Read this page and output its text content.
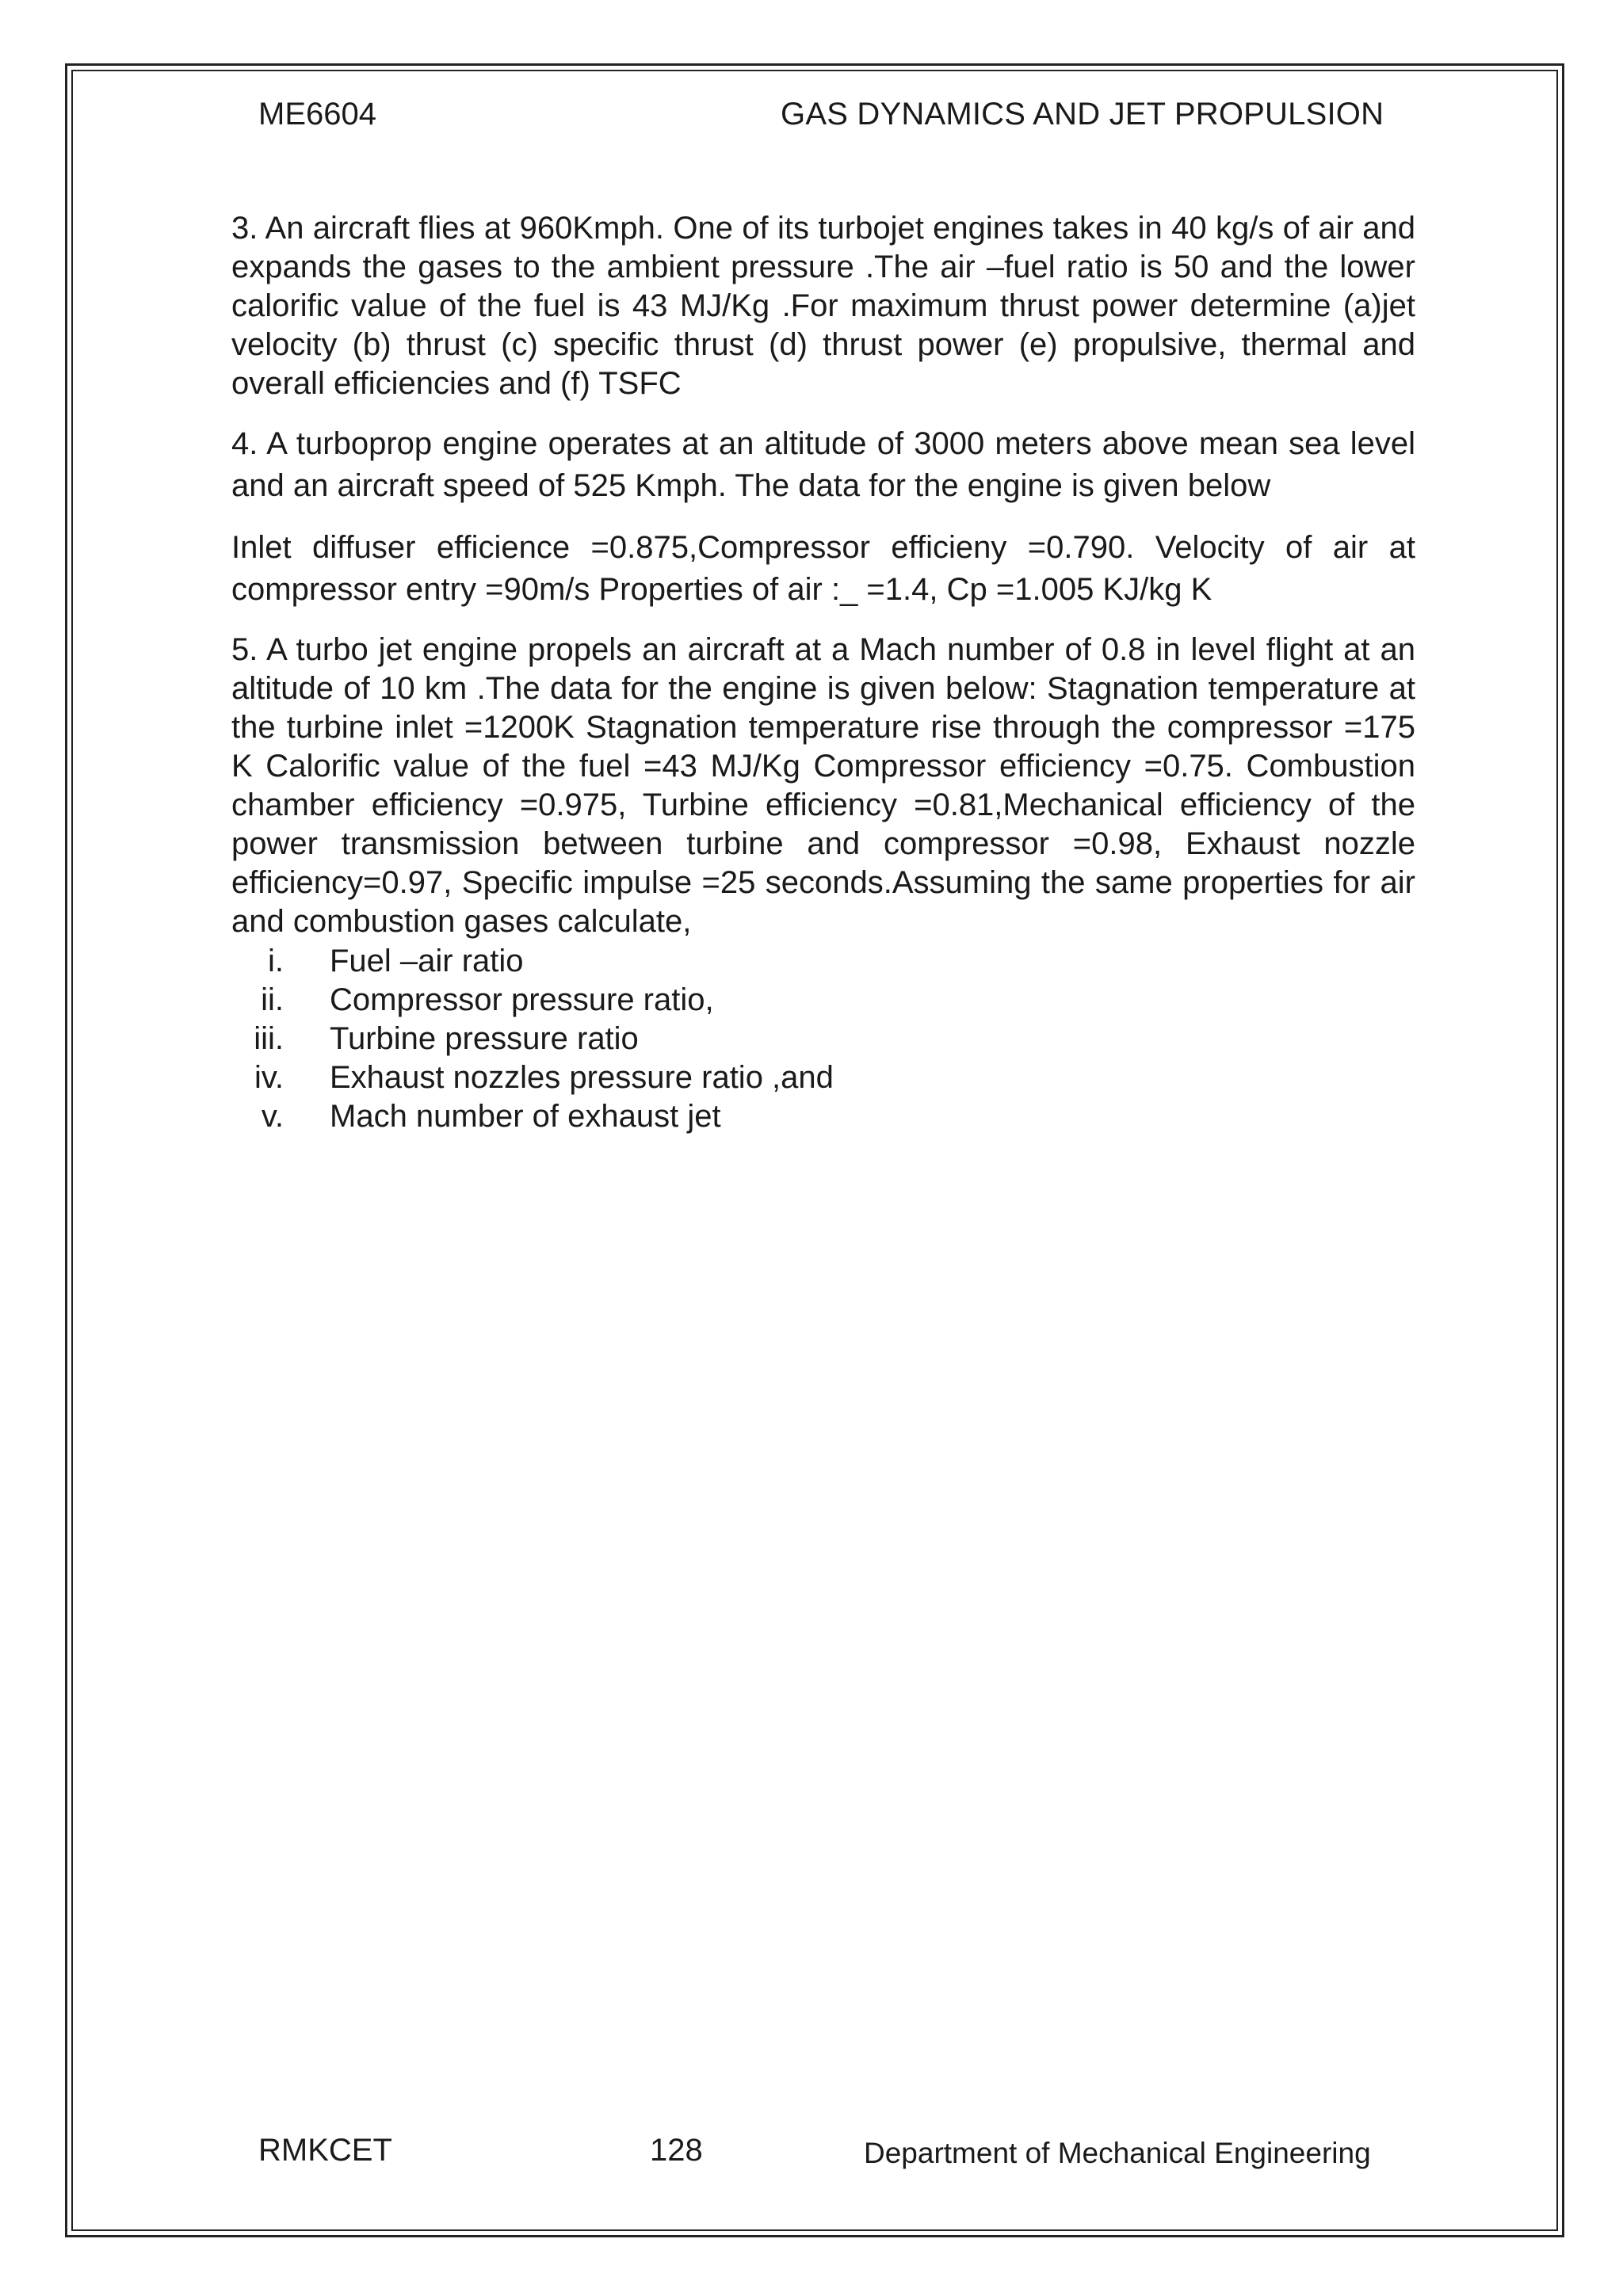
ME6604	GAS DYNAMICS AND JET PROPULSION

3. An aircraft flies at 960Kmph. One of its turbojet engines takes in 40 kg/s of air and expands the gases to the ambient pressure .The air –fuel ratio is 50 and the lower calorific value of the fuel is 43 MJ/Kg .For maximum thrust power determine (a)jet velocity (b) thrust (c) specific thrust (d) thrust power (e) propulsive, thermal and overall efficiencies and (f) TSFC

4. A turboprop engine operates at an altitude of 3000 meters above mean sea level and an aircraft speed of 525 Kmph. The data for the engine is given below

Inlet diffuser efficience =0.875,Compressor efficieny =0.790. Velocity of air at compressor entry =90m/s Properties of air :_ =1.4, Cp =1.005 KJ/kg K

5. A turbo jet engine propels an aircraft at a Mach number of 0.8 in level flight at an altitude of 10 km .The data for the engine is given below: Stagnation temperature at the turbine inlet =1200K Stagnation temperature rise through the compressor =175 K Calorific value of the fuel =43 MJ/Kg Compressor efficiency =0.75. Combustion chamber efficiency =0.975, Turbine efficiency =0.81,Mechanical efficiency of the power transmission between turbine and compressor =0.98, Exhaust nozzle efficiency=0.97, Specific impulse =25 seconds.Assuming the same properties for air and combustion gases calculate,

i.	Fuel –air ratio
ii.	Compressor pressure ratio,
iii.	Turbine pressure ratio
iv.	Exhaust nozzles pressure ratio ,and
v.	Mach number of exhaust jet
RMKCET	128	Department of Mechanical Engineering
